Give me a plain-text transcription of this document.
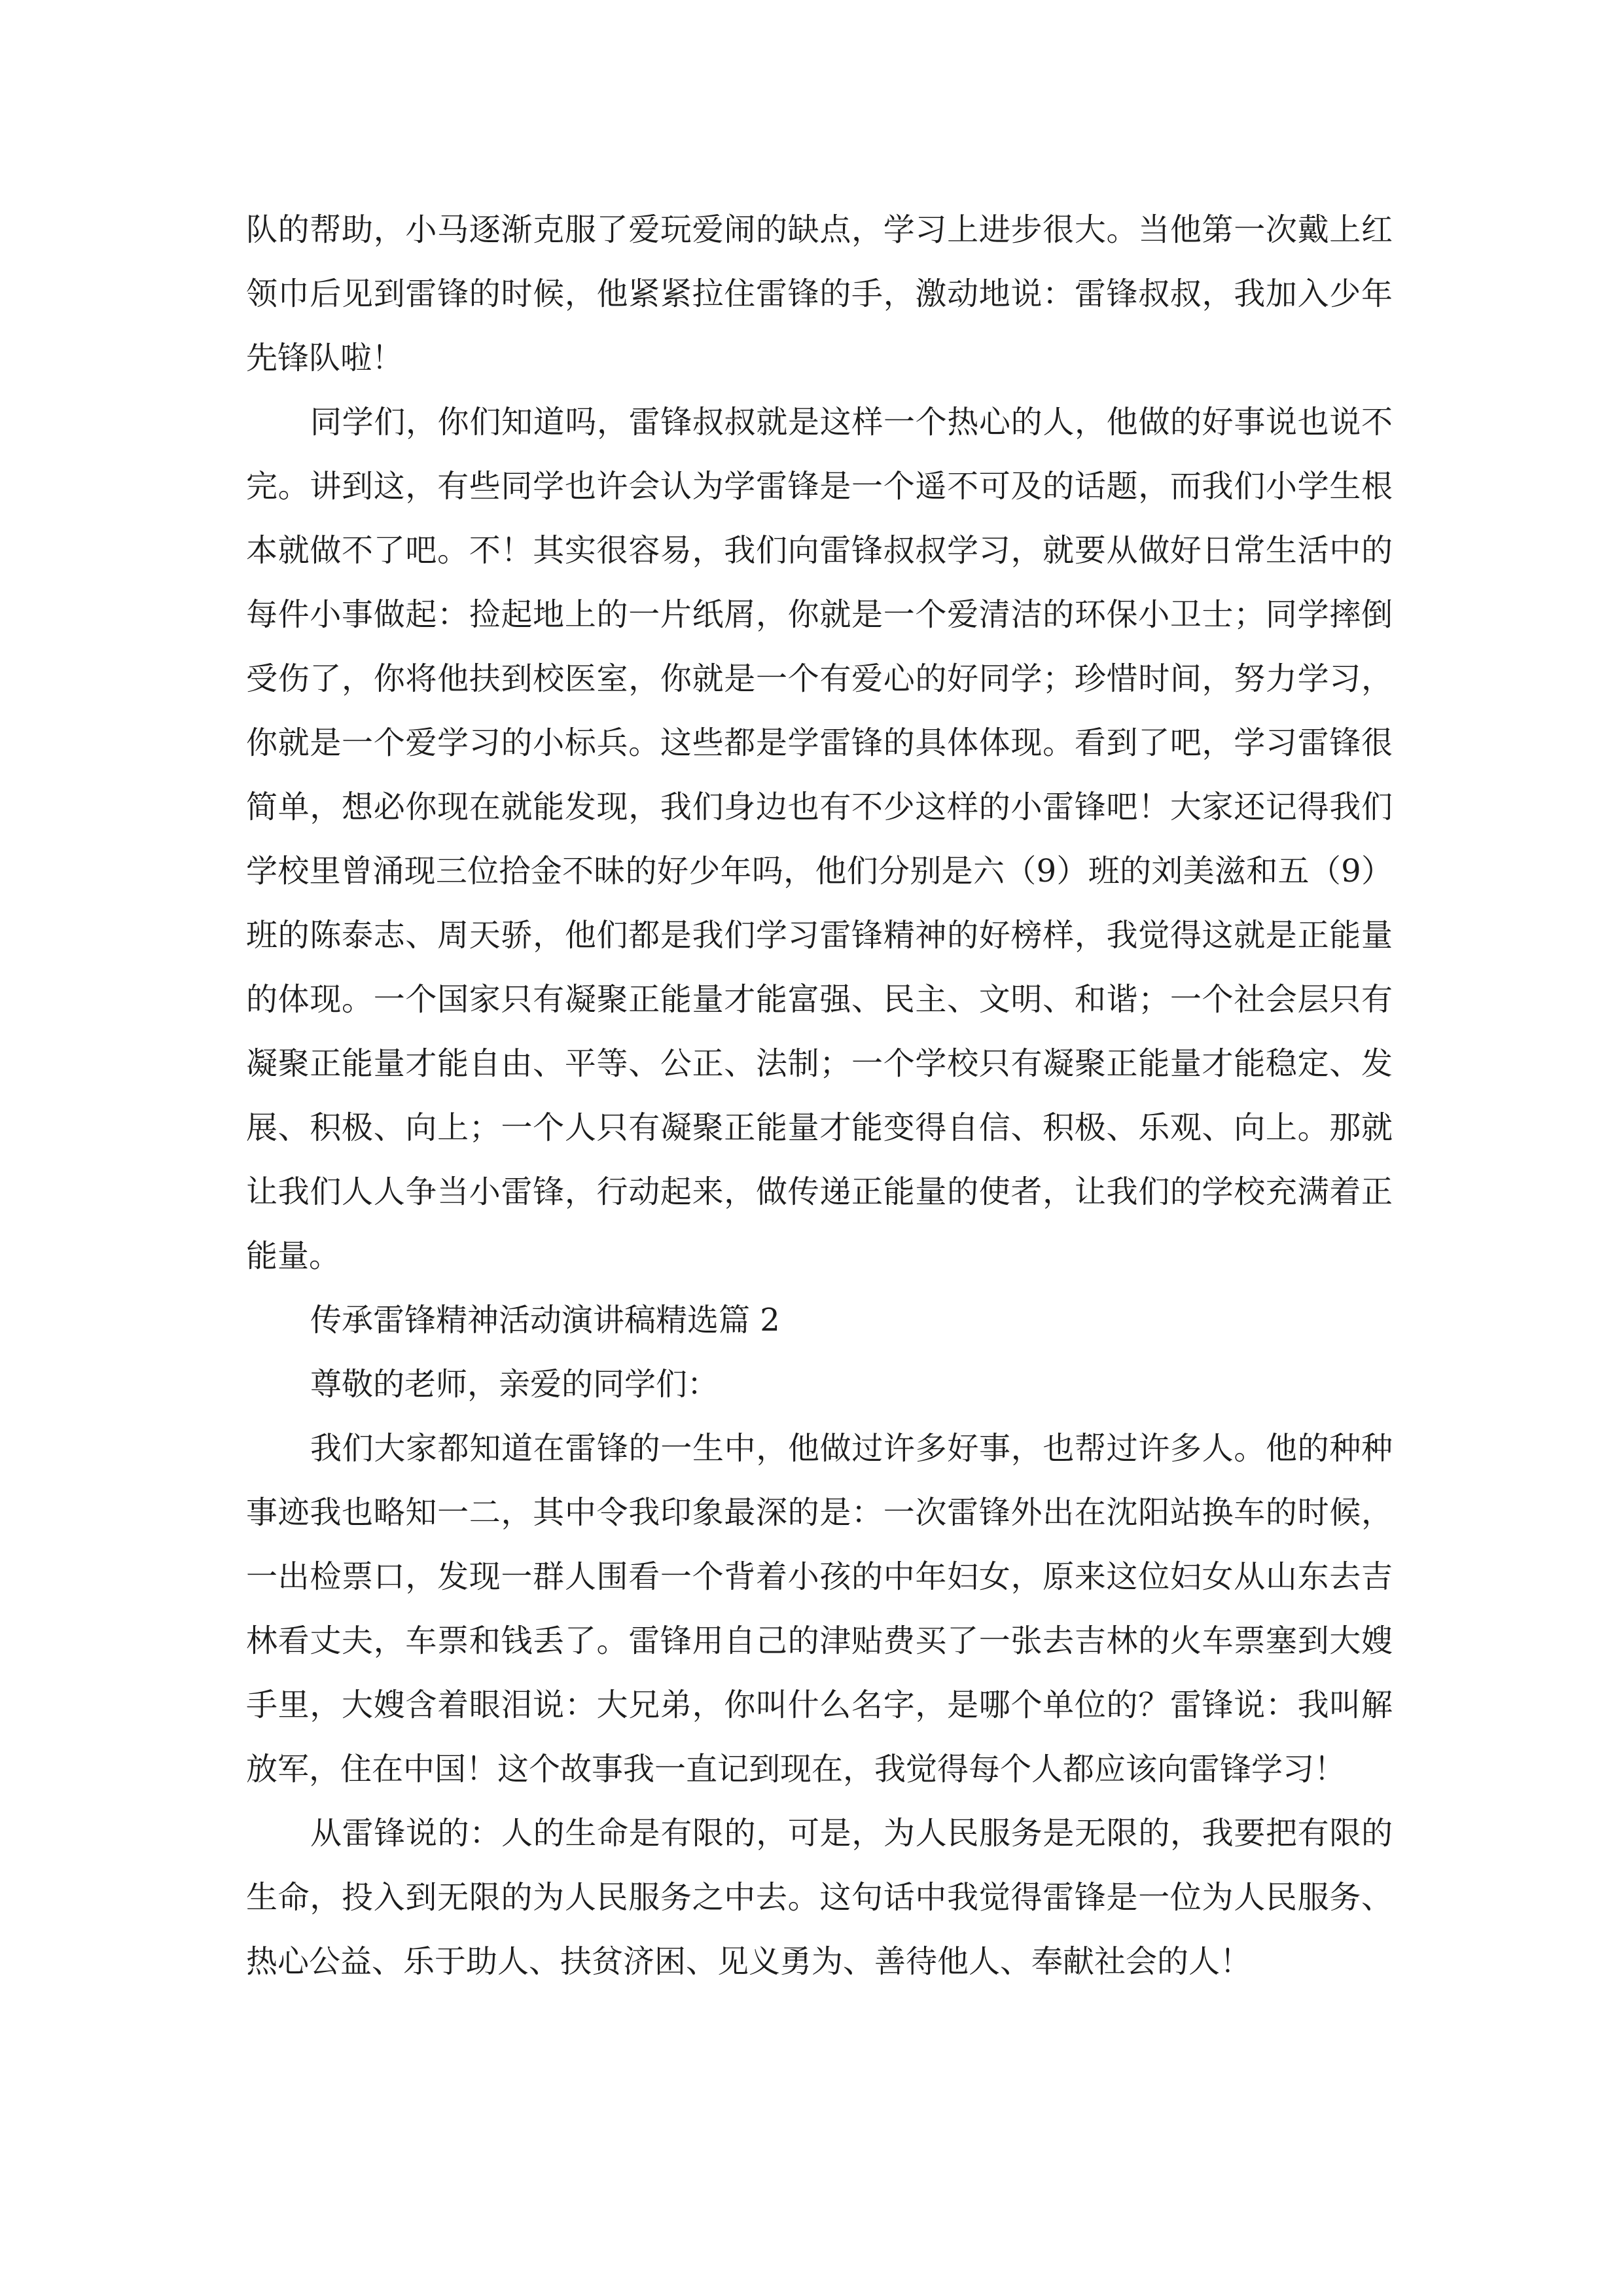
队的帮助，小马逐渐克服了爱玩爱闹的缺点，学习上进步很大。当他第一次戴上红领巾后见到雷锋的时候，他紧紧拉住雷锋的手，激动地说：雷锋叔叔，我加入少年先锋队啦！

同学们，你们知道吗，雷锋叔叔就是这样一个热心的人，他做的好事说也说不完。讲到这，有些同学也许会认为学雷锋是一个遥不可及的话题，而我们小学生根本就做不了吧。不！其实很容易，我们向雷锋叔叔学习，就要从做好日常生活中的每件小事做起：捡起地上的一片纸屑，你就是一个爱清洁的环保小卫士；同学摔倒受伤了，你将他扶到校医室，你就是一个有爱心的好同学；珍惜时间，努力学习，你就是一个爱学习的小标兵。这些都是学雷锋的具体体现。看到了吧，学习雷锋很简单，想必你现在就能发现，我们身边也有不少这样的小雷锋吧！大家还记得我们学校里曾涌现三位拾金不昧的好少年吗，他们分别是六（9）班的刘美滋和五（9）班的陈泰志、周天骄，他们都是我们学习雷锋精神的好榜样，我觉得这就是正能量的体现。一个国家只有凝聚正能量才能富强、民主、文明、和谐；一个社会层只有凝聚正能量才能自由、平等、公正、法制；一个学校只有凝聚正能量才能稳定、发展、积极、向上；一个人只有凝聚正能量才能变得自信、积极、乐观、向上。那就让我们人人争当小雷锋，行动起来，做传递正能量的使者，让我们的学校充满着正能量。

传承雷锋精神活动演讲稿精选篇 2

尊敬的老师，亲爱的同学们：

我们大家都知道在雷锋的一生中，他做过许多好事，也帮过许多人。他的种种事迹我也略知一二，其中令我印象最深的是：一次雷锋外出在沈阳站换车的时候，一出检票口，发现一群人围看一个背着小孩的中年妇女，原来这位妇女从山东去吉林看丈夫，车票和钱丢了。雷锋用自己的津贴费买了一张去吉林的火车票塞到大嫂手里，大嫂含着眼泪说：大兄弟，你叫什么名字，是哪个单位的？雷锋说：我叫解放军，住在中国！这个故事我一直记到现在，我觉得每个人都应该向雷锋学习！

从雷锋说的：人的生命是有限的，可是，为人民服务是无限的，我要把有限的生命，投入到无限的为人民服务之中去。这句话中我觉得雷锋是一位为人民服务、热心公益、乐于助人、扶贫济困、见义勇为、善待他人、奉献社会的人！
